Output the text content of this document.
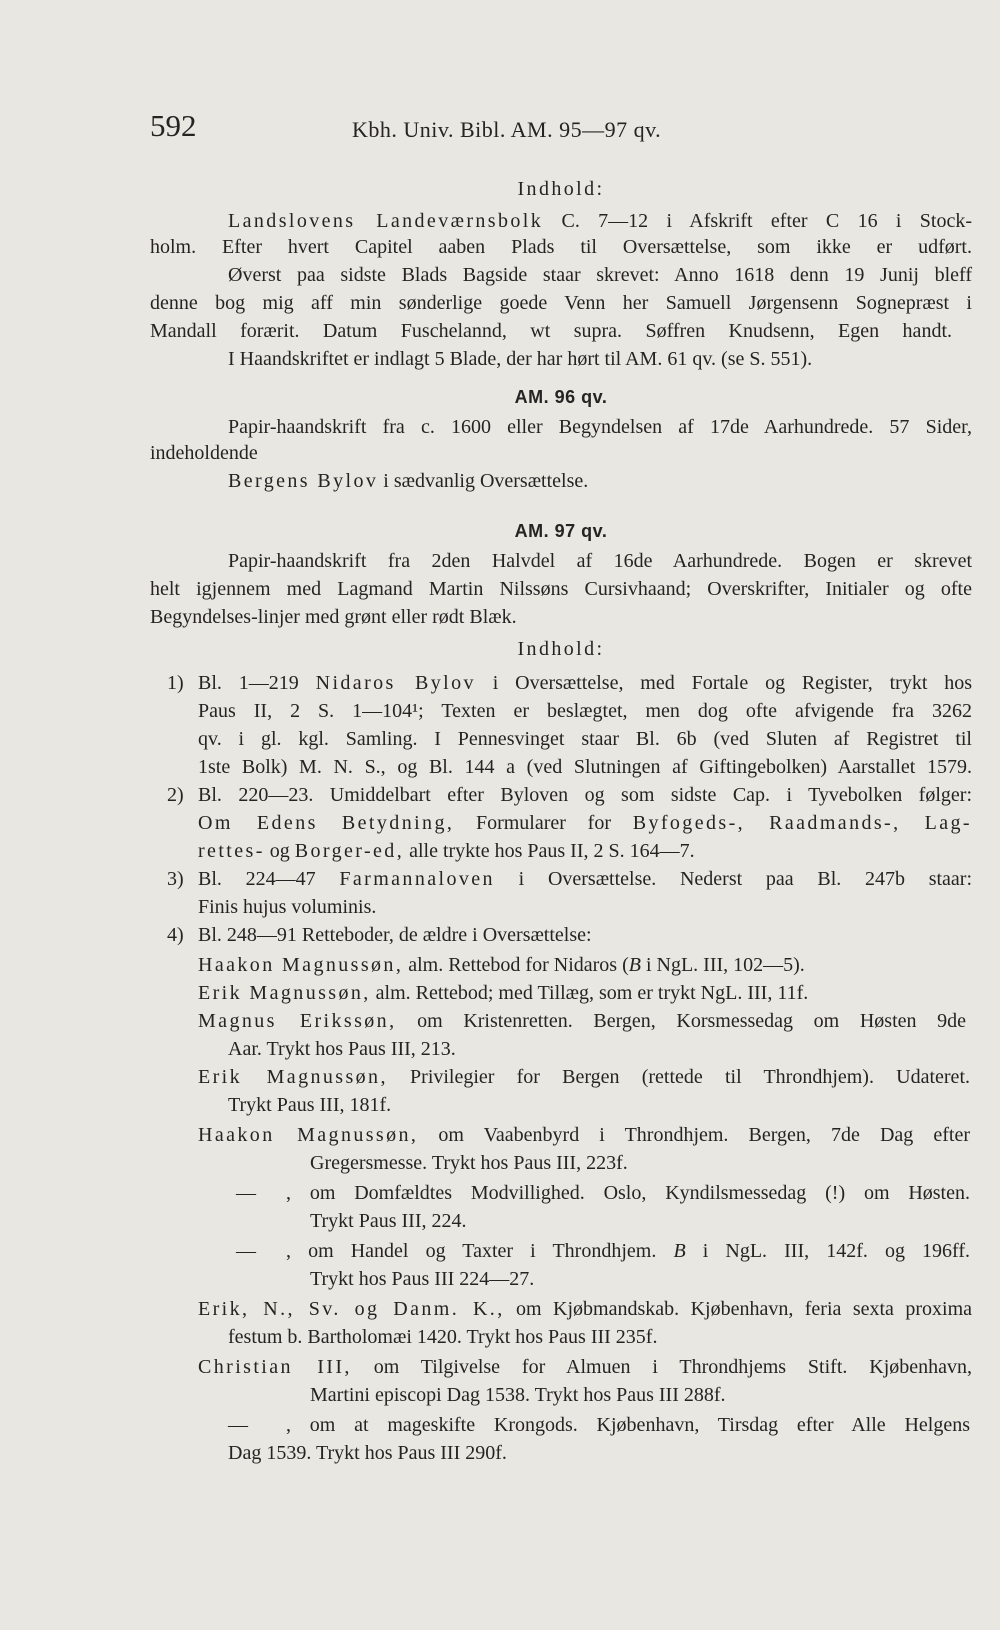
592	Kbh. Univ. Bibl. AM. 95—97 qv.
Indhold:
Landslovens Landeværnsbolk C. 7—12 i Afskrift efter C 16 i Stock-
holm. Efter hvert Capitel aaben Plads til Oversættelse, som ikke er udført.
Øverst paa sidste Blads Bagside staar skrevet: Anno 1618 denn 19 Junij bleff
denne bog mig aff min sønderlige goede Venn her Samuell Jørgensenn Sognepræst i
Mandall forærit. Datum Fuschelannd, wt supra. Søffren Knudsenn, Egen handt.
I Haandskriftet er indlagt 5 Blade, der har hørt til AM. 61 qv. (se S. 551).
AM. 96 qv.
Papir-haandskrift fra c. 1600 eller Begyndelsen af 17de Aarhundrede. 57 Sider,
indeholdende
Bergens Bylov i sædvanlig Oversættelse.
AM. 97 qv.
Papir-haandskrift fra 2den Halvdel af 16de Aarhundrede. Bogen er skrevet
helt igjennem med Lagmand Martin Nilssøns Cursivhaand; Overskrifter, Initialer og ofte
Begyndelses-linjer med grønt eller rødt Blæk.
Indhold:
1) Bl. 1—219 Nidaros Bylov i Oversættelse, med Fortale og Register, trykt hos
Paus II, 2 S. 1—104¹; Texten er beslægtet, men dog ofte afvigende fra 3262
qv. i gl. kgl. Samling. I Pennesvinget staar Bl. 6b (ved Sluten af Registret til
1ste Bolk) M. N. S., og Bl. 144 a (ved Slutningen af Giftingebolken) Aarstallet 1579.
2) Bl. 220—23. Umiddelbart efter Byloven og som sidste Cap. i Tyvebolken følger:
Om Edens Betydning, Formularer for Byfogeds-, Raadmands-, Lag-
rettes- og Borger-ed, alle trykte hos Paus II, 2 S. 164—7.
3) Bl. 224—47 Farmannaloven i Oversættelse. Nederst paa Bl. 247b staar:
Finis hujus voluminis.
4) Bl. 248—91 Retteboder, de ældre i Oversættelse:
Haakon Magnussøn, alm. Rettebod for Nidaros (B i NgL. III, 102—5).
Erik Magnussøn, alm. Rettebod; med Tillæg, som er trykt NgL. III, 11f.
Magnus Erikssøn, om Kristenretten. Bergen, Korsmessedag om Høsten 9de
Aar. Trykt hos Paus III, 213.
Erik Magnussøn, Privilegier for Bergen (rettede til Throndhjem). Udateret.
Trykt Paus III, 181f.
Haakon Magnussøn, om Vaabenbyrd i Throndhjem. Bergen, 7de Dag efter
Gregersmesse. Trykt hos Paus III, 223f.
—	, om Domfældtes Modvillighed. Oslo, Kyndilsmessedag (!) om Høsten.
Trykt Paus III, 224.
—	, om Handel og Taxter i Throndhjem. B i NgL. III, 142f. og 196ff.
Trykt hos Paus III 224—27.
Erik, N., Sv. og Danm. K., om Kjøbmandskab. Kjøbenhavn, feria sexta proxima
festum b. Bartholomæi 1420. Trykt hos Paus III 235f.
Christian III, om Tilgivelse for Almuen i Throndhjems Stift. Kjøbenhavn,
Martini episcopi Dag 1538. Trykt hos Paus III 288f.
—	, om at mageskifte Krongods. Kjøbenhavn, Tirsdag efter Alle Helgens
Dag 1539. Trykt hos Paus III 290f.
